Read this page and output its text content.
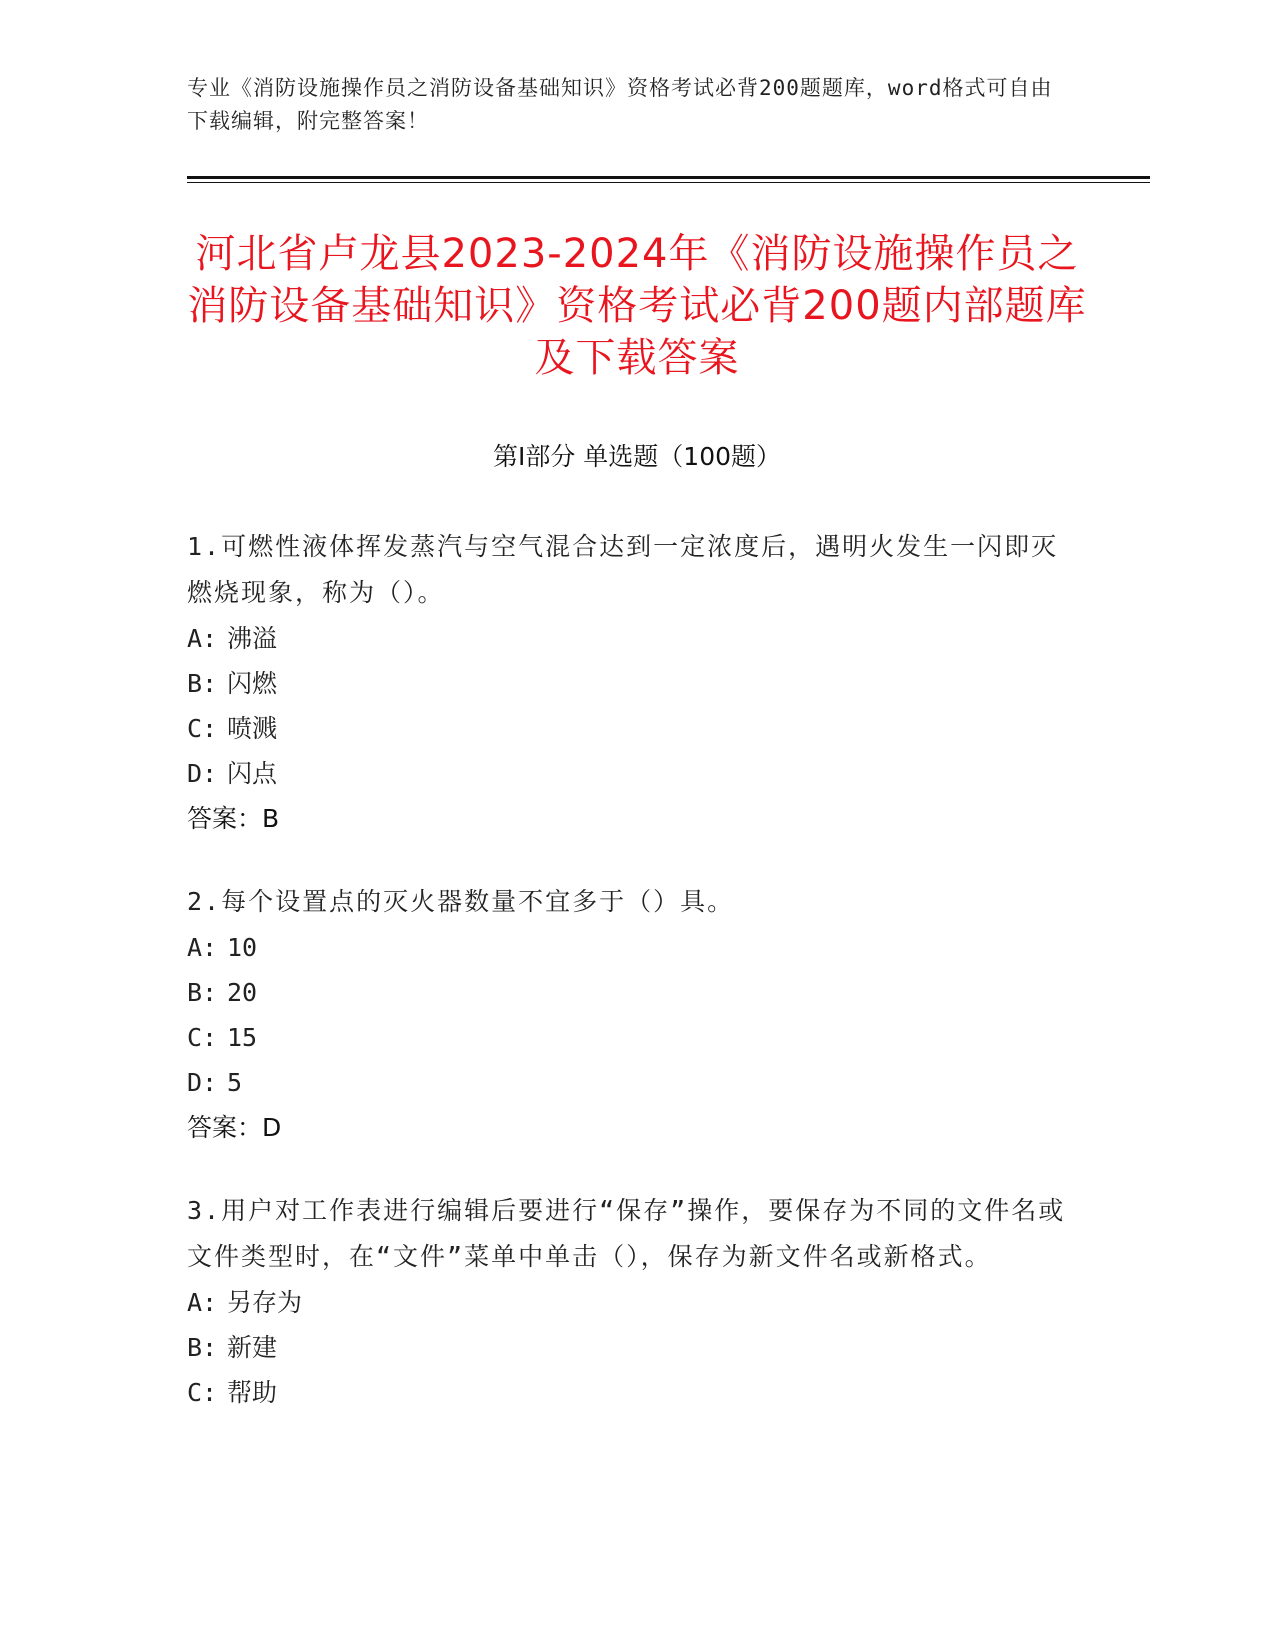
专业《消防设施操作员之消防设备基础知识》资格考试必背200题题库，word格式可自由下载编辑，附完整答案！
河北省卢龙县2023-2024年《消防设施操作员之消防设备基础知识》资格考试必背200题内部题库及下载答案
第Ⅰ部分 单选题（100题）
1.可燃性液体挥发蒸汽与空气混合达到一定浓度后，遇明火发生一闪即灭燃烧现象，称为（）。
A: 沸溢
B: 闪燃
C: 喷溅
D: 闪点
答案：B
2.每个设置点的灭火器数量不宜多于（）具。
A: 10
B: 20
C: 15
D: 5
答案：D
3.用户对工作表进行编辑后要进行“保存”操作，要保存为不同的文件名或文件类型时，在“文件”菜单中单击（），保存为新文件名或新格式。
A: 另存为
B: 新建
C: 帮助
